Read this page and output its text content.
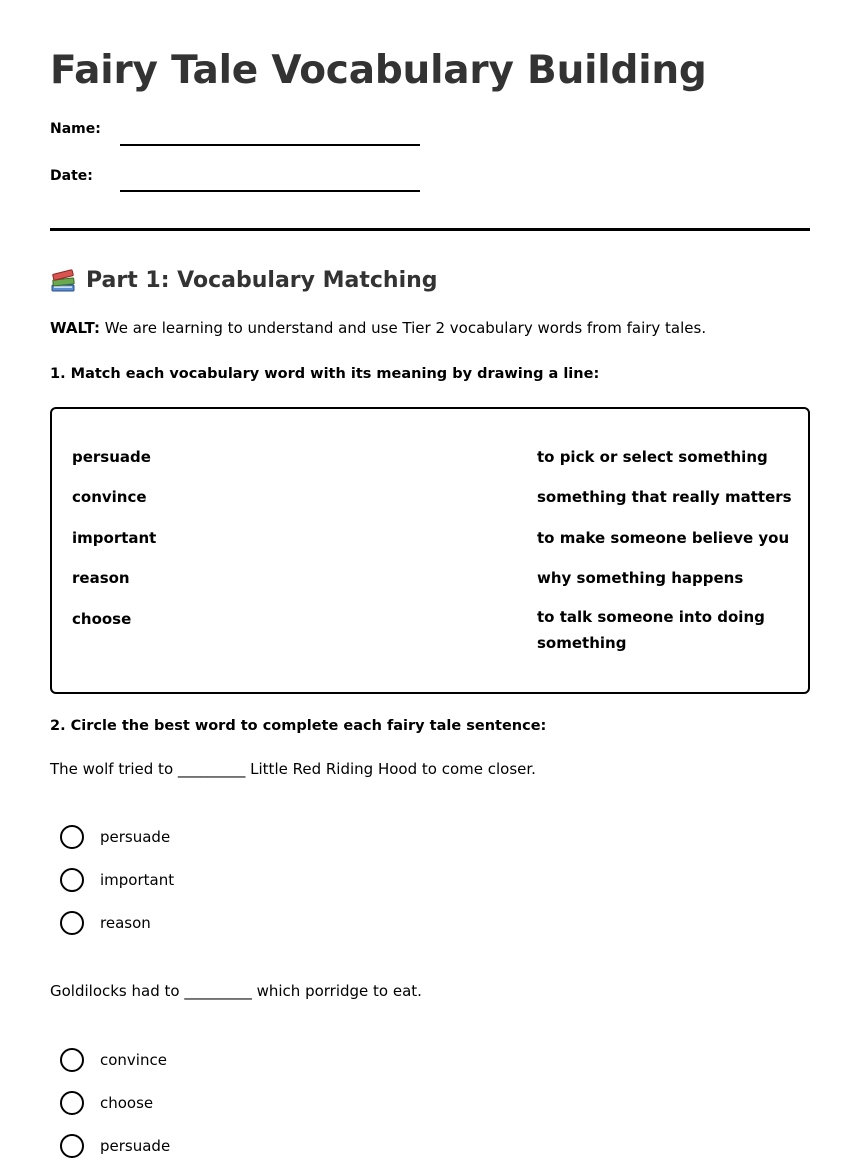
Fairy Tale Vocabulary Building
Name:
Date:
Part 1: Vocabulary Matching
WALT: We are learning to understand and use Tier 2 vocabulary words from fairy tales.
1. Match each vocabulary word with its meaning by drawing a line:
persuade
convince
important
reason
choose
to pick or select something
something that really matters
to make someone believe you
why something happens
to talk someone into doing something
2. Circle the best word to complete each fairy tale sentence:
The wolf tried to _________ Little Red Riding Hood to come closer.
persuade
important
reason
Goldilocks had to _________ which porridge to eat.
convince
choose
persuade
